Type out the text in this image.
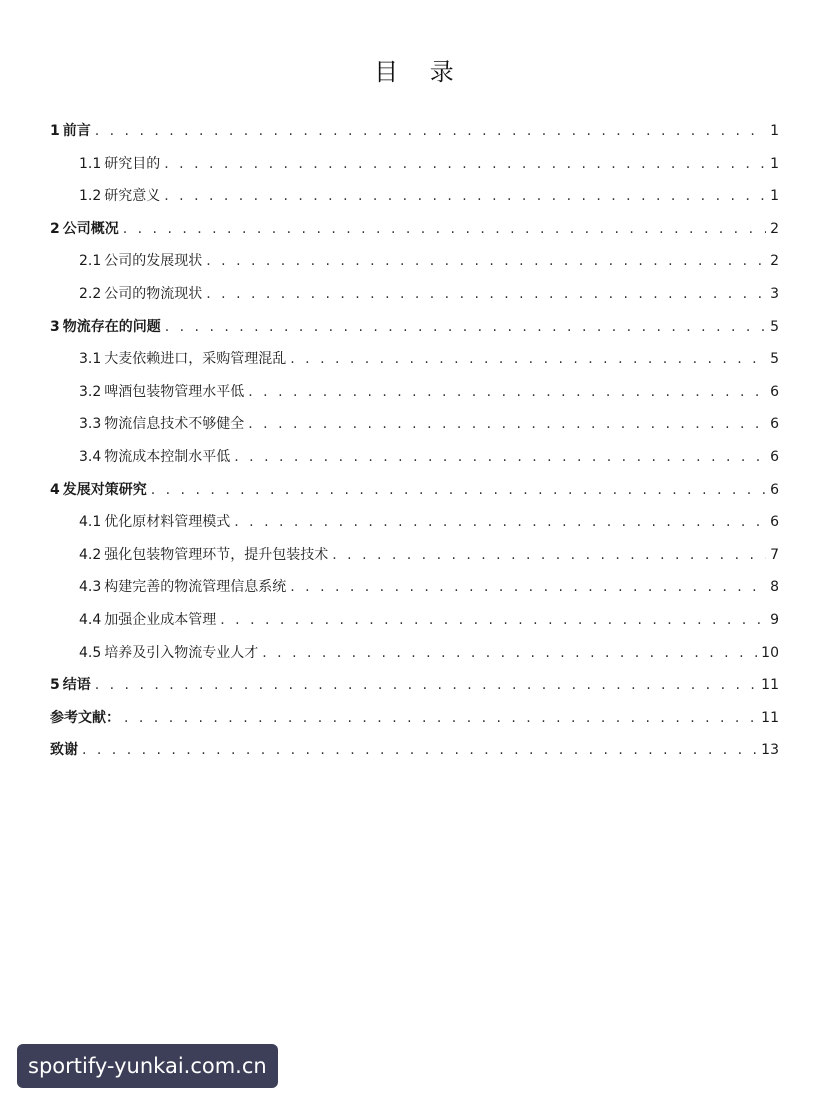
目 录
1 前言 . . .	1
1.1 研究目的 . . .	1
1.2 研究意义 . . .	1
2 公司概况 . . .	2
2.1 公司的发展现状 . . .	2
2.2 公司的物流现状 . . .	3
3 物流存在的问题 . . .	5
3.1 大麦依赖进口，采购管理混乱 . . .	5
3.2 啤酒包装物管理水平低 . . .	6
3.3 物流信息技术不够健全 . . .	6
3.4 物流成本控制水平低 . . .	6
4 发展对策研究 . . .	6
4.1 优化原材料管理模式 . . .	6
4.2 强化包装物管理环节，提升包装技术 . . .	7
4.3 构建完善的物流管理信息系统 . . .	8
4.4 加强企业成本管理 . . .	9
4.5 培养及引入物流专业人才 . . .	10
5 结语 . . .	11
参考文献： . . .	11
致谢 . . .	13
sportify-yunkai.com.cn
